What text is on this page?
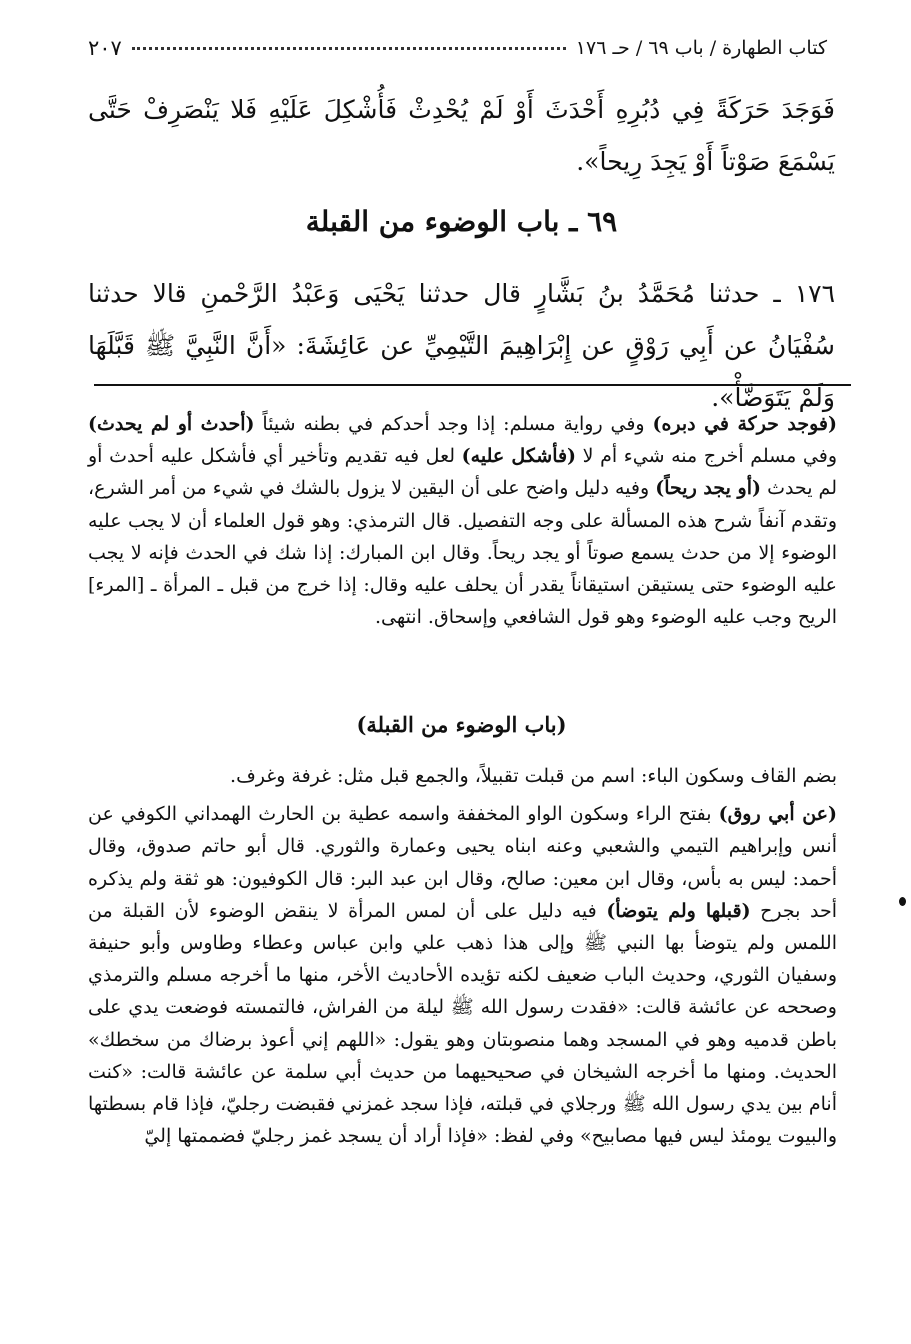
كتاب الطهارة / باب ٦٩ / حـ ١٧٦
٢٠٧
فَوَجَدَ حَرَكَةً فِي دُبُرِهِ أَحْدَثَ أَوْ لَمْ يُحْدِثْ فَأُشْكِلَ عَلَيْهِ فَلا يَنْصَرِفْ حَتَّى يَسْمَعَ صَوْتاً أَوْ يَجِدَ رِيحاً».
٦٩ ـ باب الوضوء من القبلة
١٧٦ ـ حدثنا مُحَمَّدُ بنُ بَشَّارٍ قال حدثنا يَحْيَى وَعَبْدُ الرَّحْمنِ قالا حدثنا سُفْيَانُ عن أَبِي رَوْقٍ عن إِبْرَاهِيمَ التَّيْمِيِّ عن عَائِشَةَ: «أَنَّ النَّبِيَّ ﷺ قَبَّلَهَا وَلَمْ يَتَوَضَّأْ».
(فوجد حركة في دبره) وفي رواية مسلم: إذا وجد أحدكم في بطنه شيئاً (أحدث أو لم يحدث) وفي مسلم أخرج منه شيء أم لا (فأشكل عليه) لعل فيه تقديم وتأخير أي فأشكل عليه أحدث أو لم يحدث (أو يجد ريحاً) وفيه دليل واضح على أن اليقين لا يزول بالشك في شيء من أمر الشرع، وتقدم آنفاً شرح هذه المسألة على وجه التفصيل. قال الترمذي: وهو قول العلماء أن لا يجب عليه الوضوء إلا من حدث يسمع صوتاً أو يجد ريحاً. وقال ابن المبارك: إذا شك في الحدث فإنه لا يجب عليه الوضوء حتى يستيقن استيقاناً يقدر أن يحلف عليه وقال: إذا خرج من قبل ـ المرأة ـ [المرء] الريح وجب عليه الوضوء وهو قول الشافعي وإسحاق. انتهى.
(باب الوضوء من القبلة)
بضم القاف وسكون الباء: اسم من قبلت تقبيلاً، والجمع قبل مثل: غرفة وغرف.
(عن أبي روق) بفتح الراء وسكون الواو المخففة واسمه عطية بن الحارث الهمداني الكوفي عن أنس وإبراهيم التيمي والشعبي وعنه ابناه يحيى وعمارة والثوري. قال أبو حاتم صدوق، وقال أحمد: ليس به بأس، وقال ابن معين: صالح، وقال ابن عبد البر: قال الكوفيون: هو ثقة ولم يذكره أحد بجرح (قبلها ولم يتوضأ) فيه دليل على أن لمس المرأة لا ينقض الوضوء لأن القبلة من اللمس ولم يتوضأ بها النبي ﷺ وإلى هذا ذهب علي وابن عباس وعطاء وطاوس وأبو حنيفة وسفيان الثوري، وحديث الباب ضعيف لكنه تؤيده الأحاديث الأخر، منها ما أخرجه مسلم والترمذي وصححه عن عائشة قالت: «فقدت رسول الله ﷺ ليلة من الفراش، فالتمسته فوضعت يدي على باطن قدميه وهو في المسجد وهما منصوبتان وهو يقول: «اللهم إني أعوذ برضاك من سخطك» الحديث. ومنها ما أخرجه الشيخان في صحيحيهما من حديث أبي سلمة عن عائشة قالت: «كنت أنام بين يدي رسول الله ﷺ ورجلاي في قبلته، فإذا سجد غمزني فقبضت رجليّ، فإذا قام بسطتها والبيوت يومئذ ليس فيها مصابيح» وفي لفظ: «فإذا أراد أن يسجد غمز رجليّ فضممتها إليّ
